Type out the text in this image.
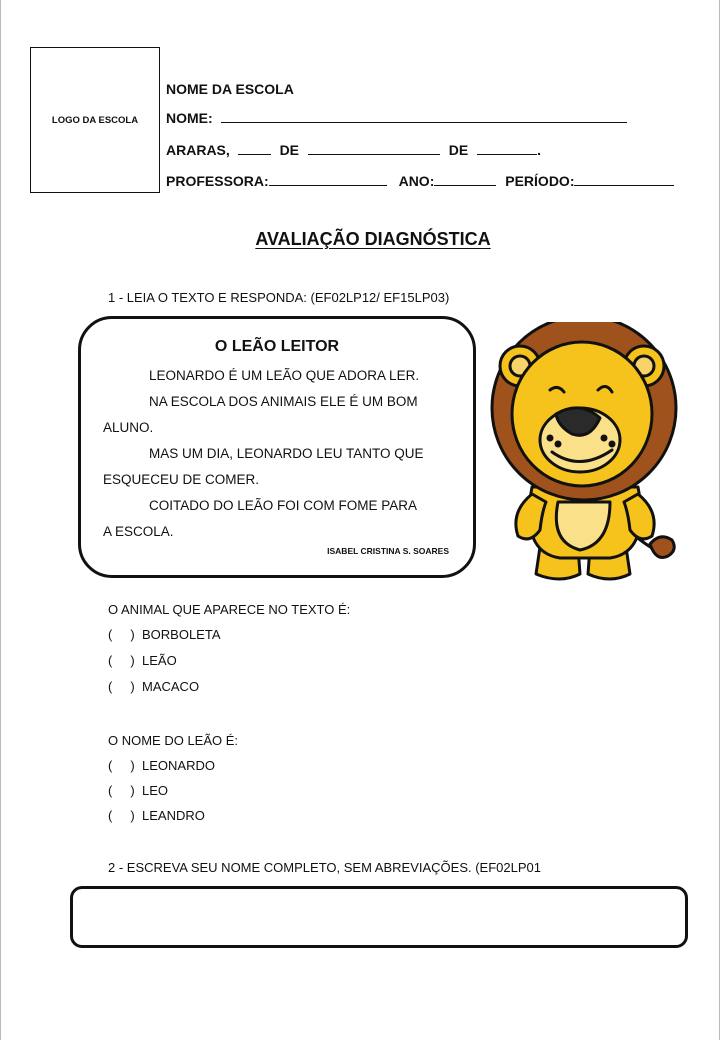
LOGO DA ESCOLA
NOME DA ESCOLA
NOME:
ARARAS,	DE	DE	.
PROFESSORA:	ANO:	PERÍODO:
AVALIAÇÃO DIAGNÓSTICA
1 - LEIA O TEXTO E RESPONDA: (EF02LP12/ EF15LP03)
O LEÃO LEITOR
LEONARDO É UM LEÃO QUE ADORA LER.
NA ESCOLA DOS ANIMAIS ELE É UM BOM
ALUNO.
MAS UM DIA, LEONARDO LEU TANTO QUE
ESQUECEU DE COMER.
COITADO DO LEÃO FOI COM FOME PARA
A ESCOLA.
ISABEL CRISTINA S. SOARES
O ANIMAL QUE APARECE NO TEXTO É:
( ) BORBOLETA
( ) LEÃO
( ) MACACO
O NOME DO LEÃO É:
( ) LEONARDO
( ) LEO
( ) LEANDRO
2 - ESCREVA SEU NOME COMPLETO, SEM ABREVIAÇÕES. (EF02LP01
